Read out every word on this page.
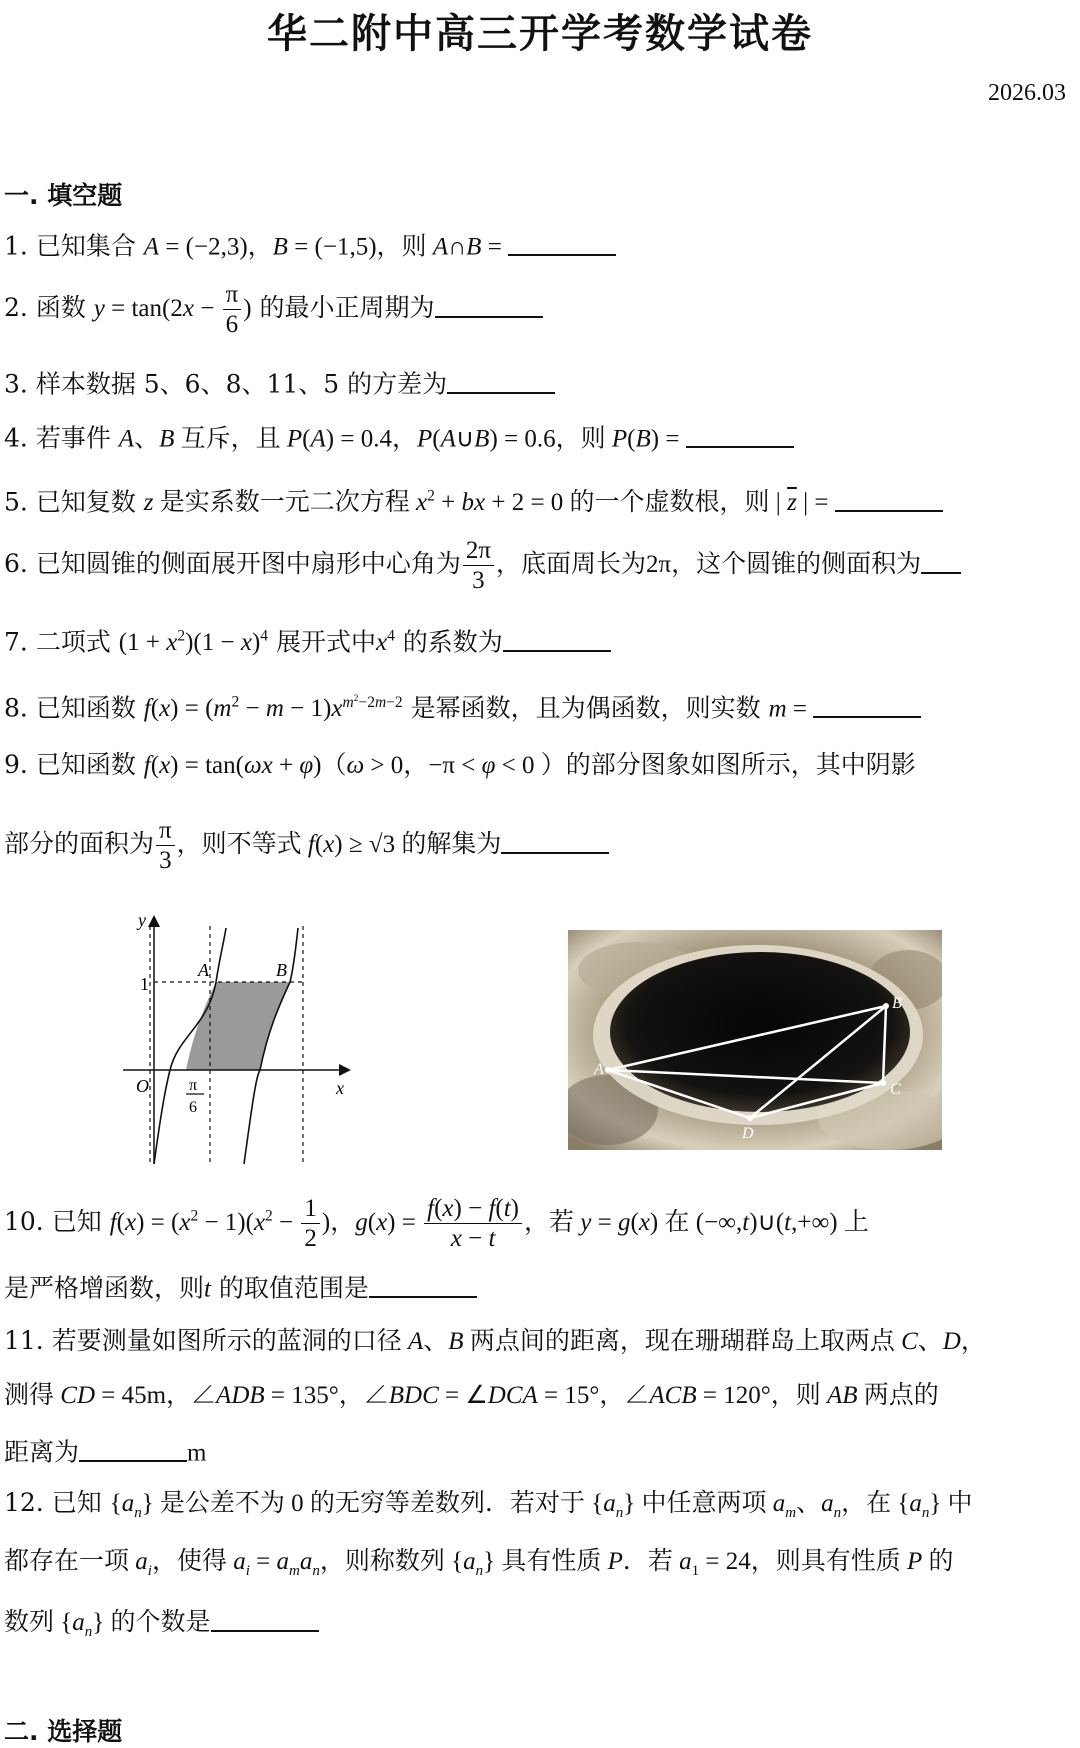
华二附中高三开学考数学试卷
2026.03
一. 填空题
1. 已知集合 A = (−2,3)，B = (−1,5)，则 A∩B =
2. 函数 $y = \tan(2x - \frac{\pi}{6}$ ) 的最小正周期为
3. 样本数据 5、6、8、11、5 的方差为
4. 若事件 A、B 互斥，且 P(A) = 0.4，P(A∪B) = 0.6，则 P(B) =
5. 已知复数 z 是实系数一元二次方程 $x^2$ + bx + 2 = 0 的一个虚数根，则 | $\overline{z}$ | =
6. 已知圆锥的侧面展开图中扇形中心角为 $\frac{2\pi}{3}$ ，底面周长为2π，这个圆锥的侧面积为
7. 二项式 $(1 + x^2)(1 - x)^4$ 展开式中$x^4$ 的系数为
8. 已知函数 $f(x) = (m^2 - m - 1)x^{m^2-2m-2}$ 是幂函数，且为偶函数，则实数 m =
9. 已知函数 f(x) = tan(ωx + φ)（ω > 0，−π < φ < 0 ）的部分图象如图所示，其中阴影
部分的面积为 $\frac{\pi}{3}$ ，则不等式 f(x) ≥ √3 的解集为
y
x
O
1
A	B
π
6
A
B
C
D
10. 已知 $f(x) = (x^2 - 1)(x^2 - \frac{1}{2}$ )，$g(x) = \frac{f(x) - f(t)}{x - t}$ ，若 y = g(x) 在 (−∞,t)∪(t,+∞) 上
是严格增函数，则t 的取值范围是
11. 若要测量如图所示的蓝洞的口径 A、B 两点间的距离，现在珊瑚群岛上取两点 C、D，
测得 CD = 45m，∠ADB = 135°，∠BDC = ∠DCA = 15°，∠ACB = 120°，则 AB 两点的
距离为	m
12. 已知 $\{a_n\}$ 是公差不为 0 的无穷等差数列．若对于 $\{a_n\}$ 中任意两项 $a_m$、$a_n$，在 $\{a_n\}$ 中
都存在一项 $a_i$，使得 $a_i = a_ma_n$，则称数列 $\{a_n\}$ 具有性质 P．若 $a_1 = 24$，则具有性质 P 的
数列 $\{a_n\}$ 的个数是
二. 选择题
